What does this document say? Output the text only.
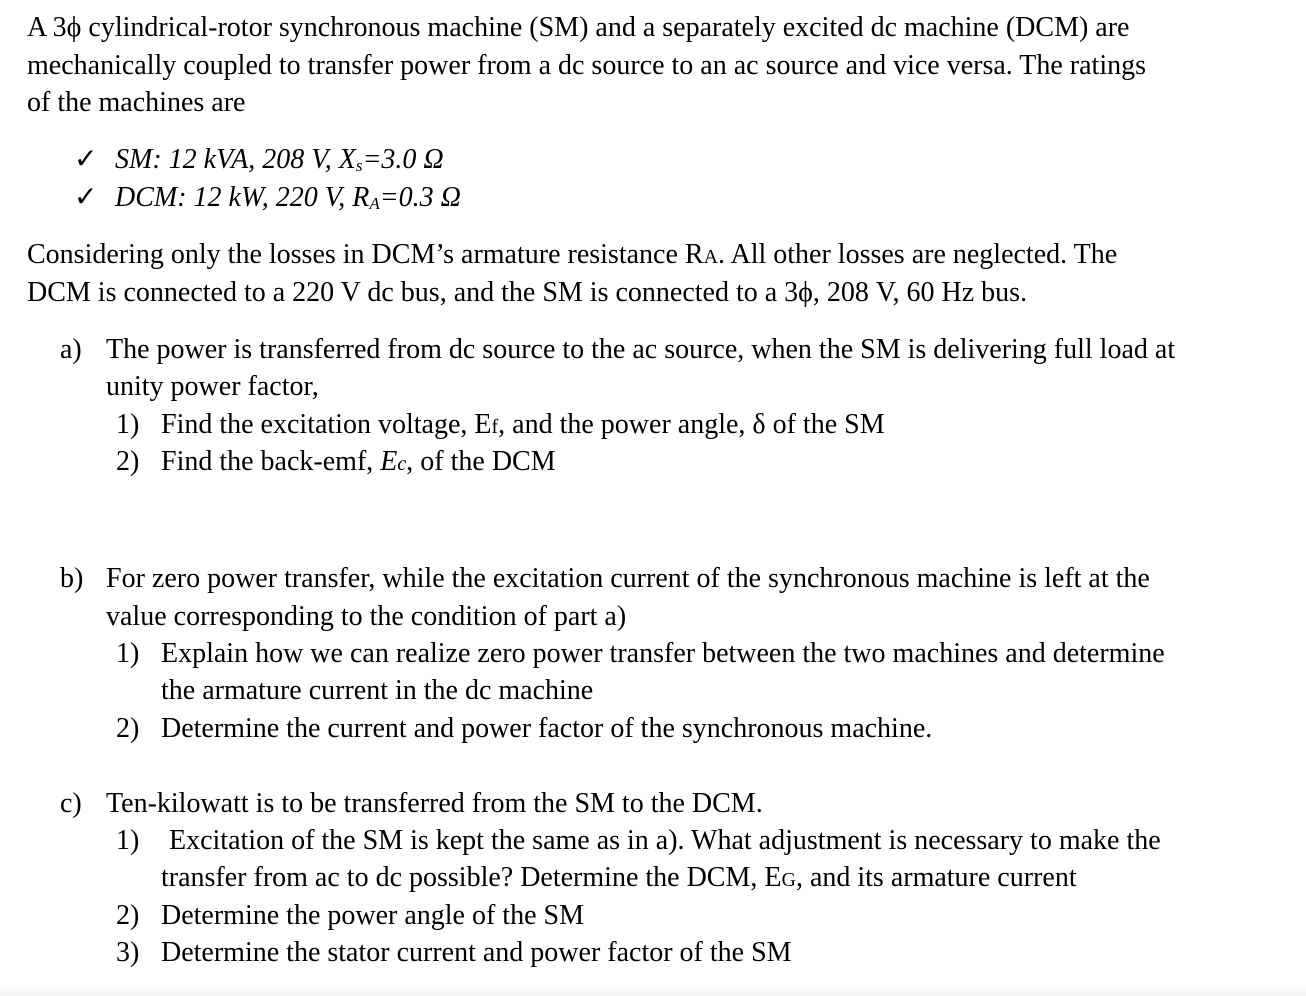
A 3ϕ cylindrical-rotor synchronous machine (SM) and a separately excited dc machine (DCM) are
mechanically coupled to transfer power from a dc source to an ac source and vice versa. The ratings
of the machines are
✓ SM: 12 kVA, 208 V, Xs=3.0 Ω
✓ DCM: 12 kW, 220 V, RA=0.3 Ω
Considering only the losses in DCM’s armature resistance RA. All other losses are neglected. The
DCM is connected to a 220 V dc bus, and the SM is connected to a 3ϕ, 208 V, 60 Hz bus.
a) The power is transferred from dc source to the ac source, when the SM is delivering full load at
unity power factor,
1) Find the excitation voltage, Ef, and the power angle, δ of the SM
2) Find the back-emf, Ec, of the DCM
b) For zero power transfer, while the excitation current of the synchronous machine is left at the
value corresponding to the condition of part a)
1) Explain how we can realize zero power transfer between the two machines and determine
the armature current in the dc machine
2) Determine the current and power factor of the synchronous machine.
c) Ten-kilowatt is to be transferred from the SM to the DCM.
1) Excitation of the SM is kept the same as in a). What adjustment is necessary to make the
transfer from ac to dc possible? Determine the DCM, EG, and its armature current
2) Determine the power angle of the SM
3) Determine the stator current and power factor of the SM
